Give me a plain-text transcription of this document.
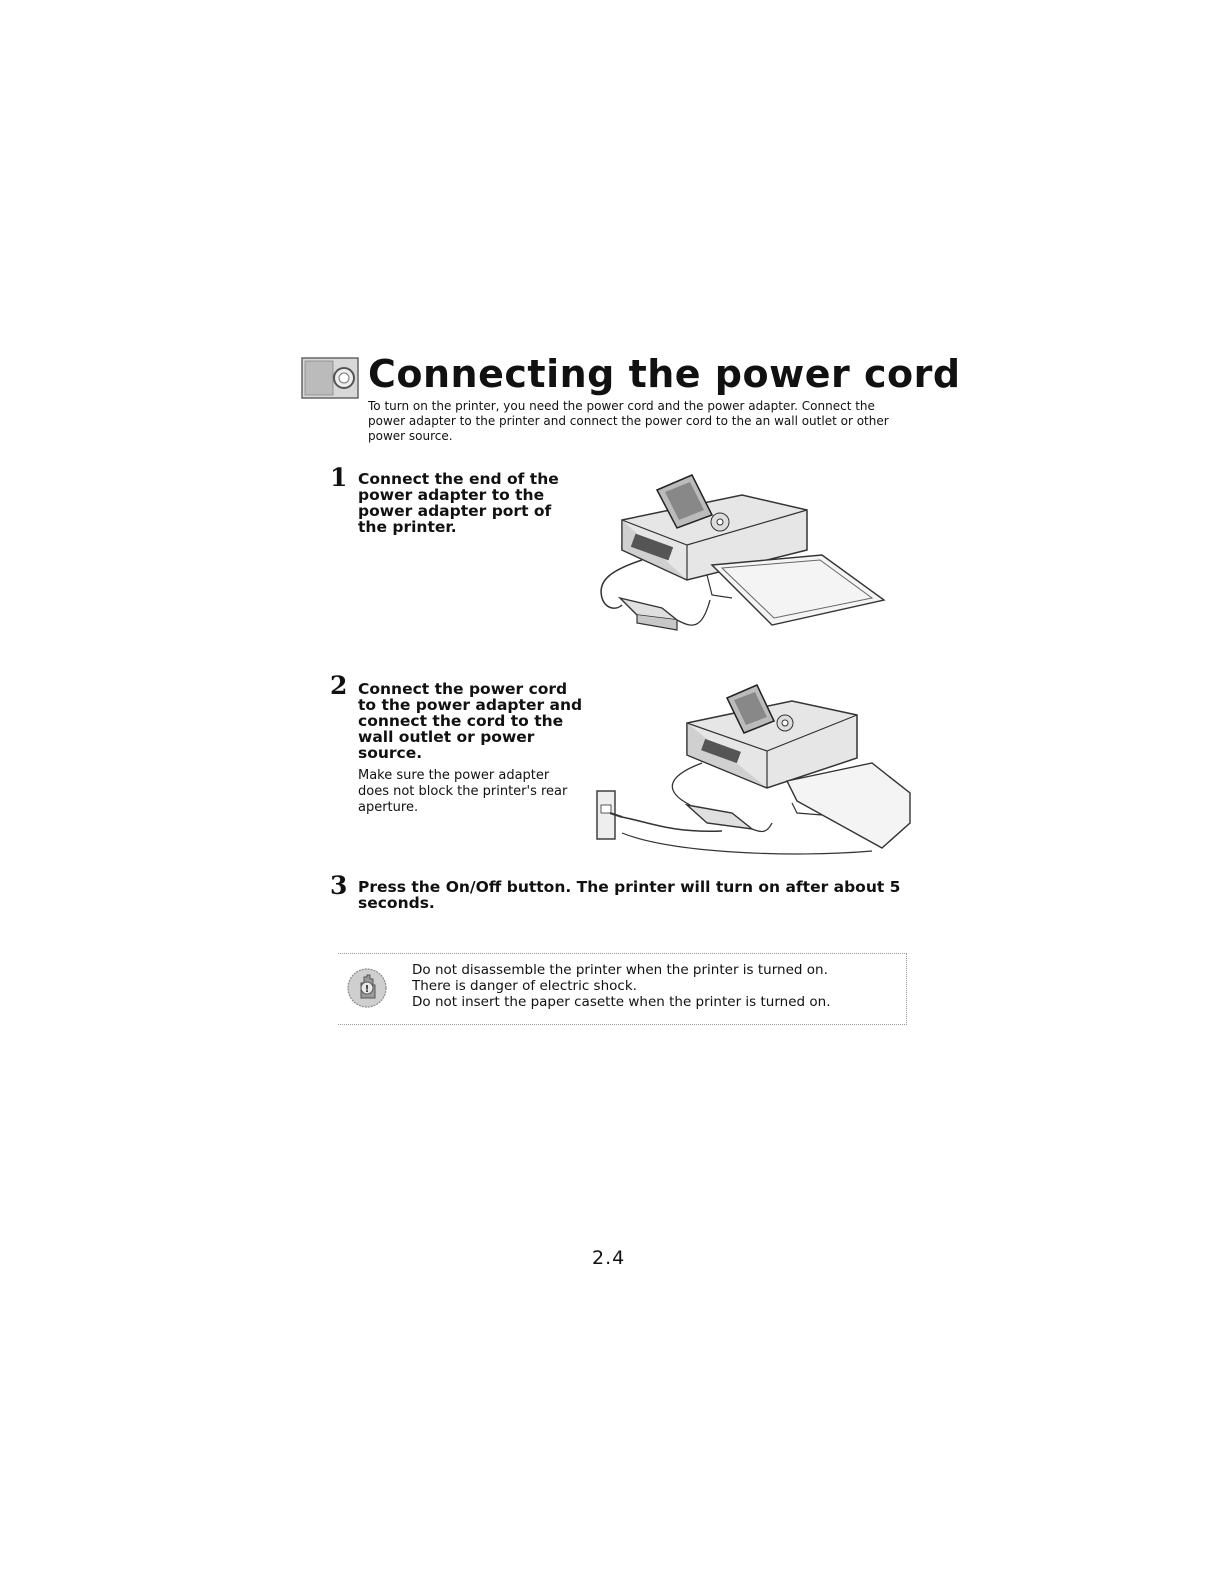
Connecting the power cord
To turn on the printer, you need the power cord and the power adapter. Connect the power adapter to the printer and connect the power cord to the an wall outlet or other power source.
1 Connect the end of the power adapter to the power adapter port of the printer.
2 Connect the power cord to the power adapter and connect the cord to the wall outlet or power source.
Make sure the power adapter does not block the printer's rear aperture.
3 Press the On/Off button. The printer will turn on after about 5 seconds.
!
Do not disassemble the printer when the printer is turned on.
There is danger of electric shock.
Do not insert the paper casette when the printer is turned on.
2.4
